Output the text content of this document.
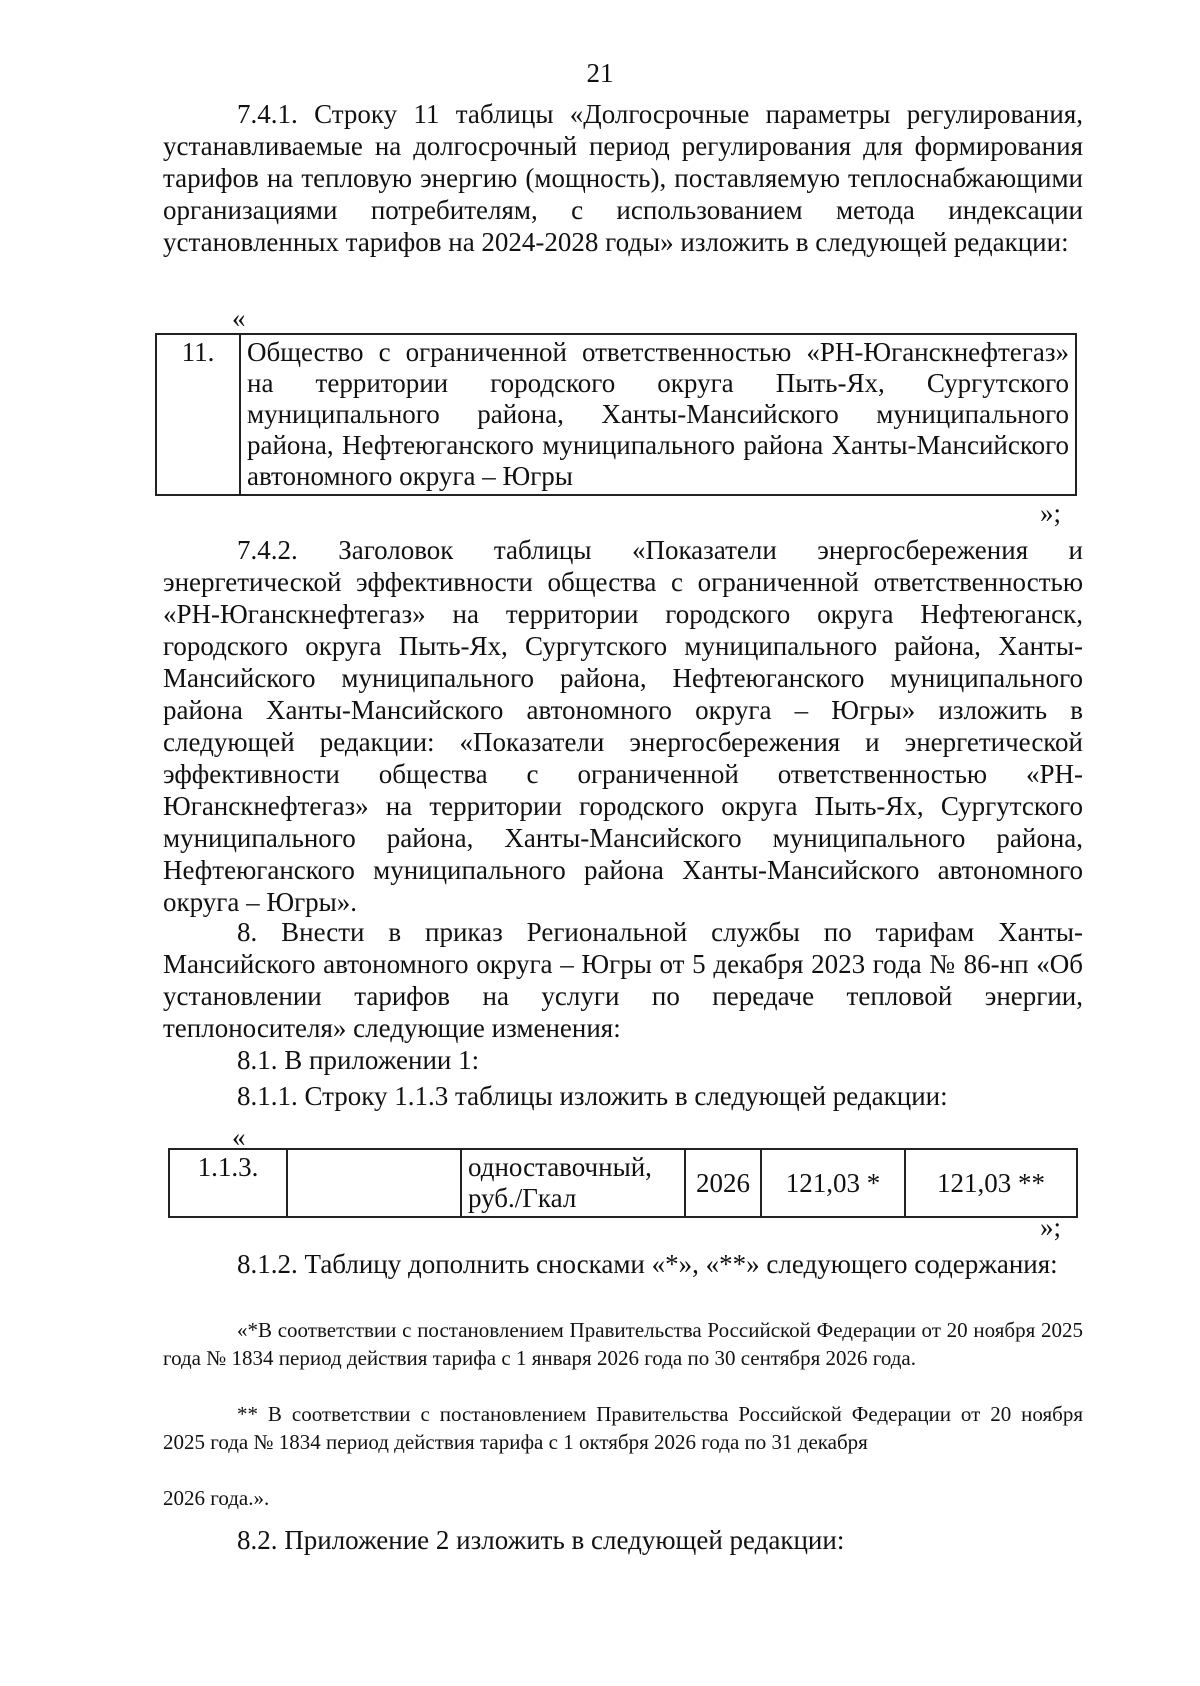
21

7.4.1. Строку 11 таблицы «Долгосрочные параметры регулирования, устанавливаемые на долгосрочный период регулирования для формирования тарифов на тепловую энергию (мощность), поставляемую теплоснабжающими организациями потребителям, с использованием метода индексации установленных тарифов на 2024-2028 годы» изложить в следующей редакции:

«
11.	Общество с ограниченной ответственностью «РН-Юганскнефтегаз» на территории городского округа Пыть-Ях, Сургутского муниципального района, Ханты-Мансийского муниципального района, Нефтеюганского муниципального района Ханты-Мансийского автономного округа – Югры
»;

7.4.2. Заголовок таблицы «Показатели энергосбережения и энергетической эффективности общества с ограниченной ответственностью «РН-Юганскнефтегаз» на территории городского округа Нефтеюганск, городского округа Пыть-Ях, Сургутского муниципального района, Ханты-Мансийского муниципального района, Нефтеюганского муниципального района Ханты-Мансийского автономного округа – Югры» изложить в следующей редакции: «Показатели энергосбережения и энергетической эффективности общества с ограниченной ответственностью «РН-Юганскнефтегаз» на территории городского округа Пыть-Ях, Сургутского муниципального района, Ханты-Мансийского муниципального района, Нефтеюганского муниципального района Ханты-Мансийского автономного округа – Югры».

8. Внести в приказ Региональной службы по тарифам Ханты-Мансийского автономного округа – Югры от 5 декабря 2023 года № 86-нп «Об установлении тарифов на услуги по передаче тепловой энергии, теплоносителя» следующие изменения:

8.1. В приложении 1:

8.1.1. Строку 1.1.3 таблицы изложить в следующей редакции:

«
1.1.3.		одноставочный, руб./Гкал	2026	121,03 *	121,03 **
»;

8.1.2. Таблицу дополнить сносками «*», «**» следующего содержания:

«*В соответствии с постановлением Правительства Российской Федерации от 20 ноября 2025 года № 1834 период действия тарифа с 1 января 2026 года по 30 сентября 2026 года.

** В соответствии с постановлением Правительства Российской Федерации от 20 ноября 2025 года № 1834 период действия тарифа с 1 октября 2026 года по 31 декабря

2026 года.».

8.2. Приложение 2 изложить в следующей редакции:
